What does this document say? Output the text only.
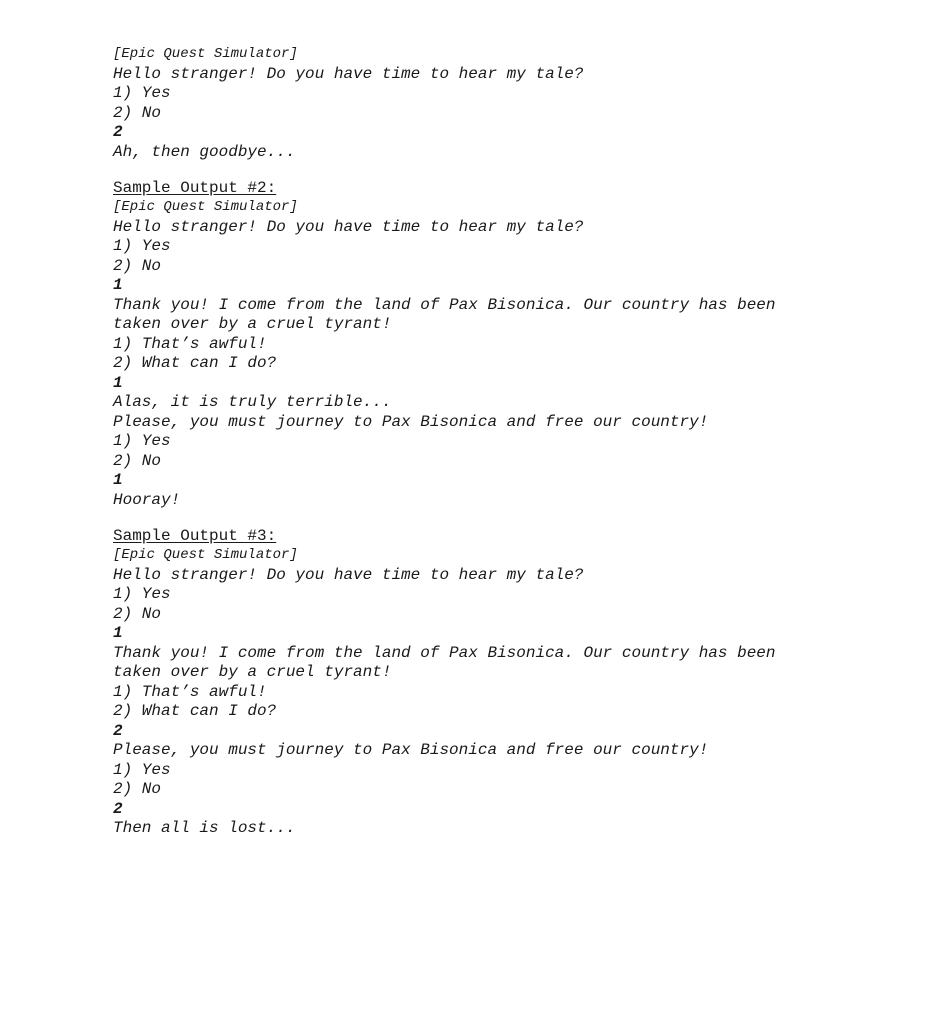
[Epic Quest Simulator]
Hello stranger! Do you have time to hear my tale?
1) Yes
2) No
2
Ah, then goodbye...
Sample Output #2:
[Epic Quest Simulator]
Hello stranger! Do you have time to hear my tale?
1) Yes
2) No
1
Thank you! I come from the land of Pax Bisonica. Our country has been
taken over by a cruel tyrant!
1) That’s awful!
2) What can I do?
1
Alas, it is truly terrible...
Please, you must journey to Pax Bisonica and free our country!
1) Yes
2) No
1
Hooray!
Sample Output #3:
[Epic Quest Simulator]
Hello stranger! Do you have time to hear my tale?
1) Yes
2) No
1
Thank you! I come from the land of Pax Bisonica. Our country has been
taken over by a cruel tyrant!
1) That’s awful!
2) What can I do?
2
Please, you must journey to Pax Bisonica and free our country!
1) Yes
2) No
2
Then all is lost...
